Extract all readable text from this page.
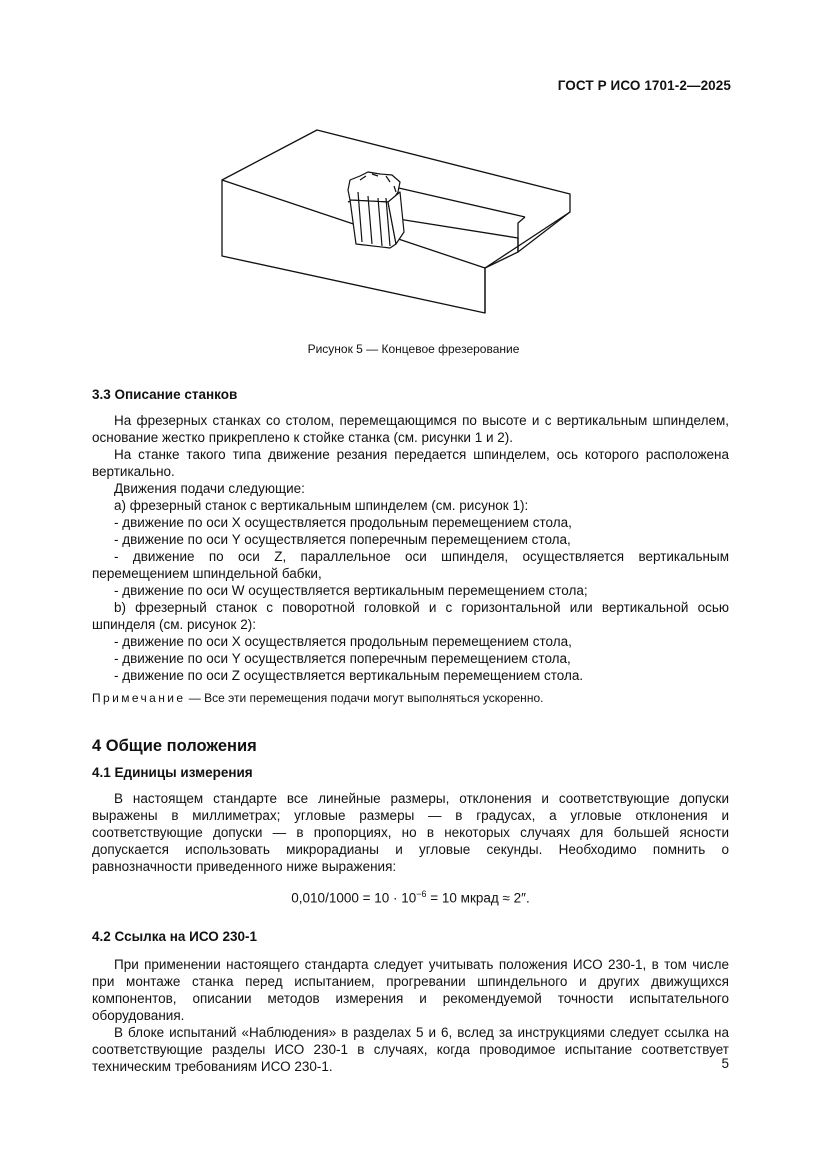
ГОСТ Р ИСО 1701-2—2025
Рисунок 5 — Концевое фрезерование

3.3 Описание станков

На фрезерных станках со столом, перемещающимся по высоте и с вертикальным шпинделем, основание жестко прикреплено к стойке станка (см. рисунки 1 и 2).

На станке такого типа движение резания передается шпинделем, ось которого расположена вертикально.

Движения подачи следующие:

a) фрезерный станок с вертикальным шпинделем (см. рисунок 1):

- движение по оси X осуществляется продольным перемещением стола,

- движение по оси Y осуществляется поперечным перемещением стола,

- движение по оси Z, параллельное оси шпинделя, осуществляется вертикальным перемещением шпиндельной бабки,

- движение по оси W осуществляется вертикальным перемещением стола;

b) фрезерный станок с поворотной головкой и с горизонтальной или вертикальной осью шпинделя (см. рисунок 2):

- движение по оси X осуществляется продольным перемещением стола,

- движение по оси Y осуществляется поперечным перемещением стола,

- движение по оси Z осуществляется вертикальным перемещением стола.

Примечание — Все эти перемещения подачи могут выполняться ускоренно.

4 Общие положения

4.1 Единицы измерения

В настоящем стандарте все линейные размеры, отклонения и соответствующие допуски выражены в миллиметрах; угловые размеры — в градусах, а угловые отклонения и соответствующие допуски — в пропорциях, но в некоторых случаях для большей ясности допускается использовать микрорадианы и угловые секунды. Необходимо помнить о равнозначности приведенного ниже выражения:

$0,010/1000 = 10 \cdot 10^{-6} = 10$ мкрад ≈ 2″.

4.2 Ссылка на ИСО 230-1

При применении настоящего стандарта следует учитывать положения ИСО 230-1, в том числе при монтаже станка перед испытанием, прогревании шпиндельного и других движущихся компонентов, описании методов измерения и рекомендуемой точности испытательного оборудования.

В блоке испытаний «Наблюдения» в разделах 5 и 6, вслед за инструкциями следует ссылка на соответствующие разделы ИСО 230-1 в случаях, когда проводимое испытание соответствует техническим требованиям ИСО 230-1.	5
